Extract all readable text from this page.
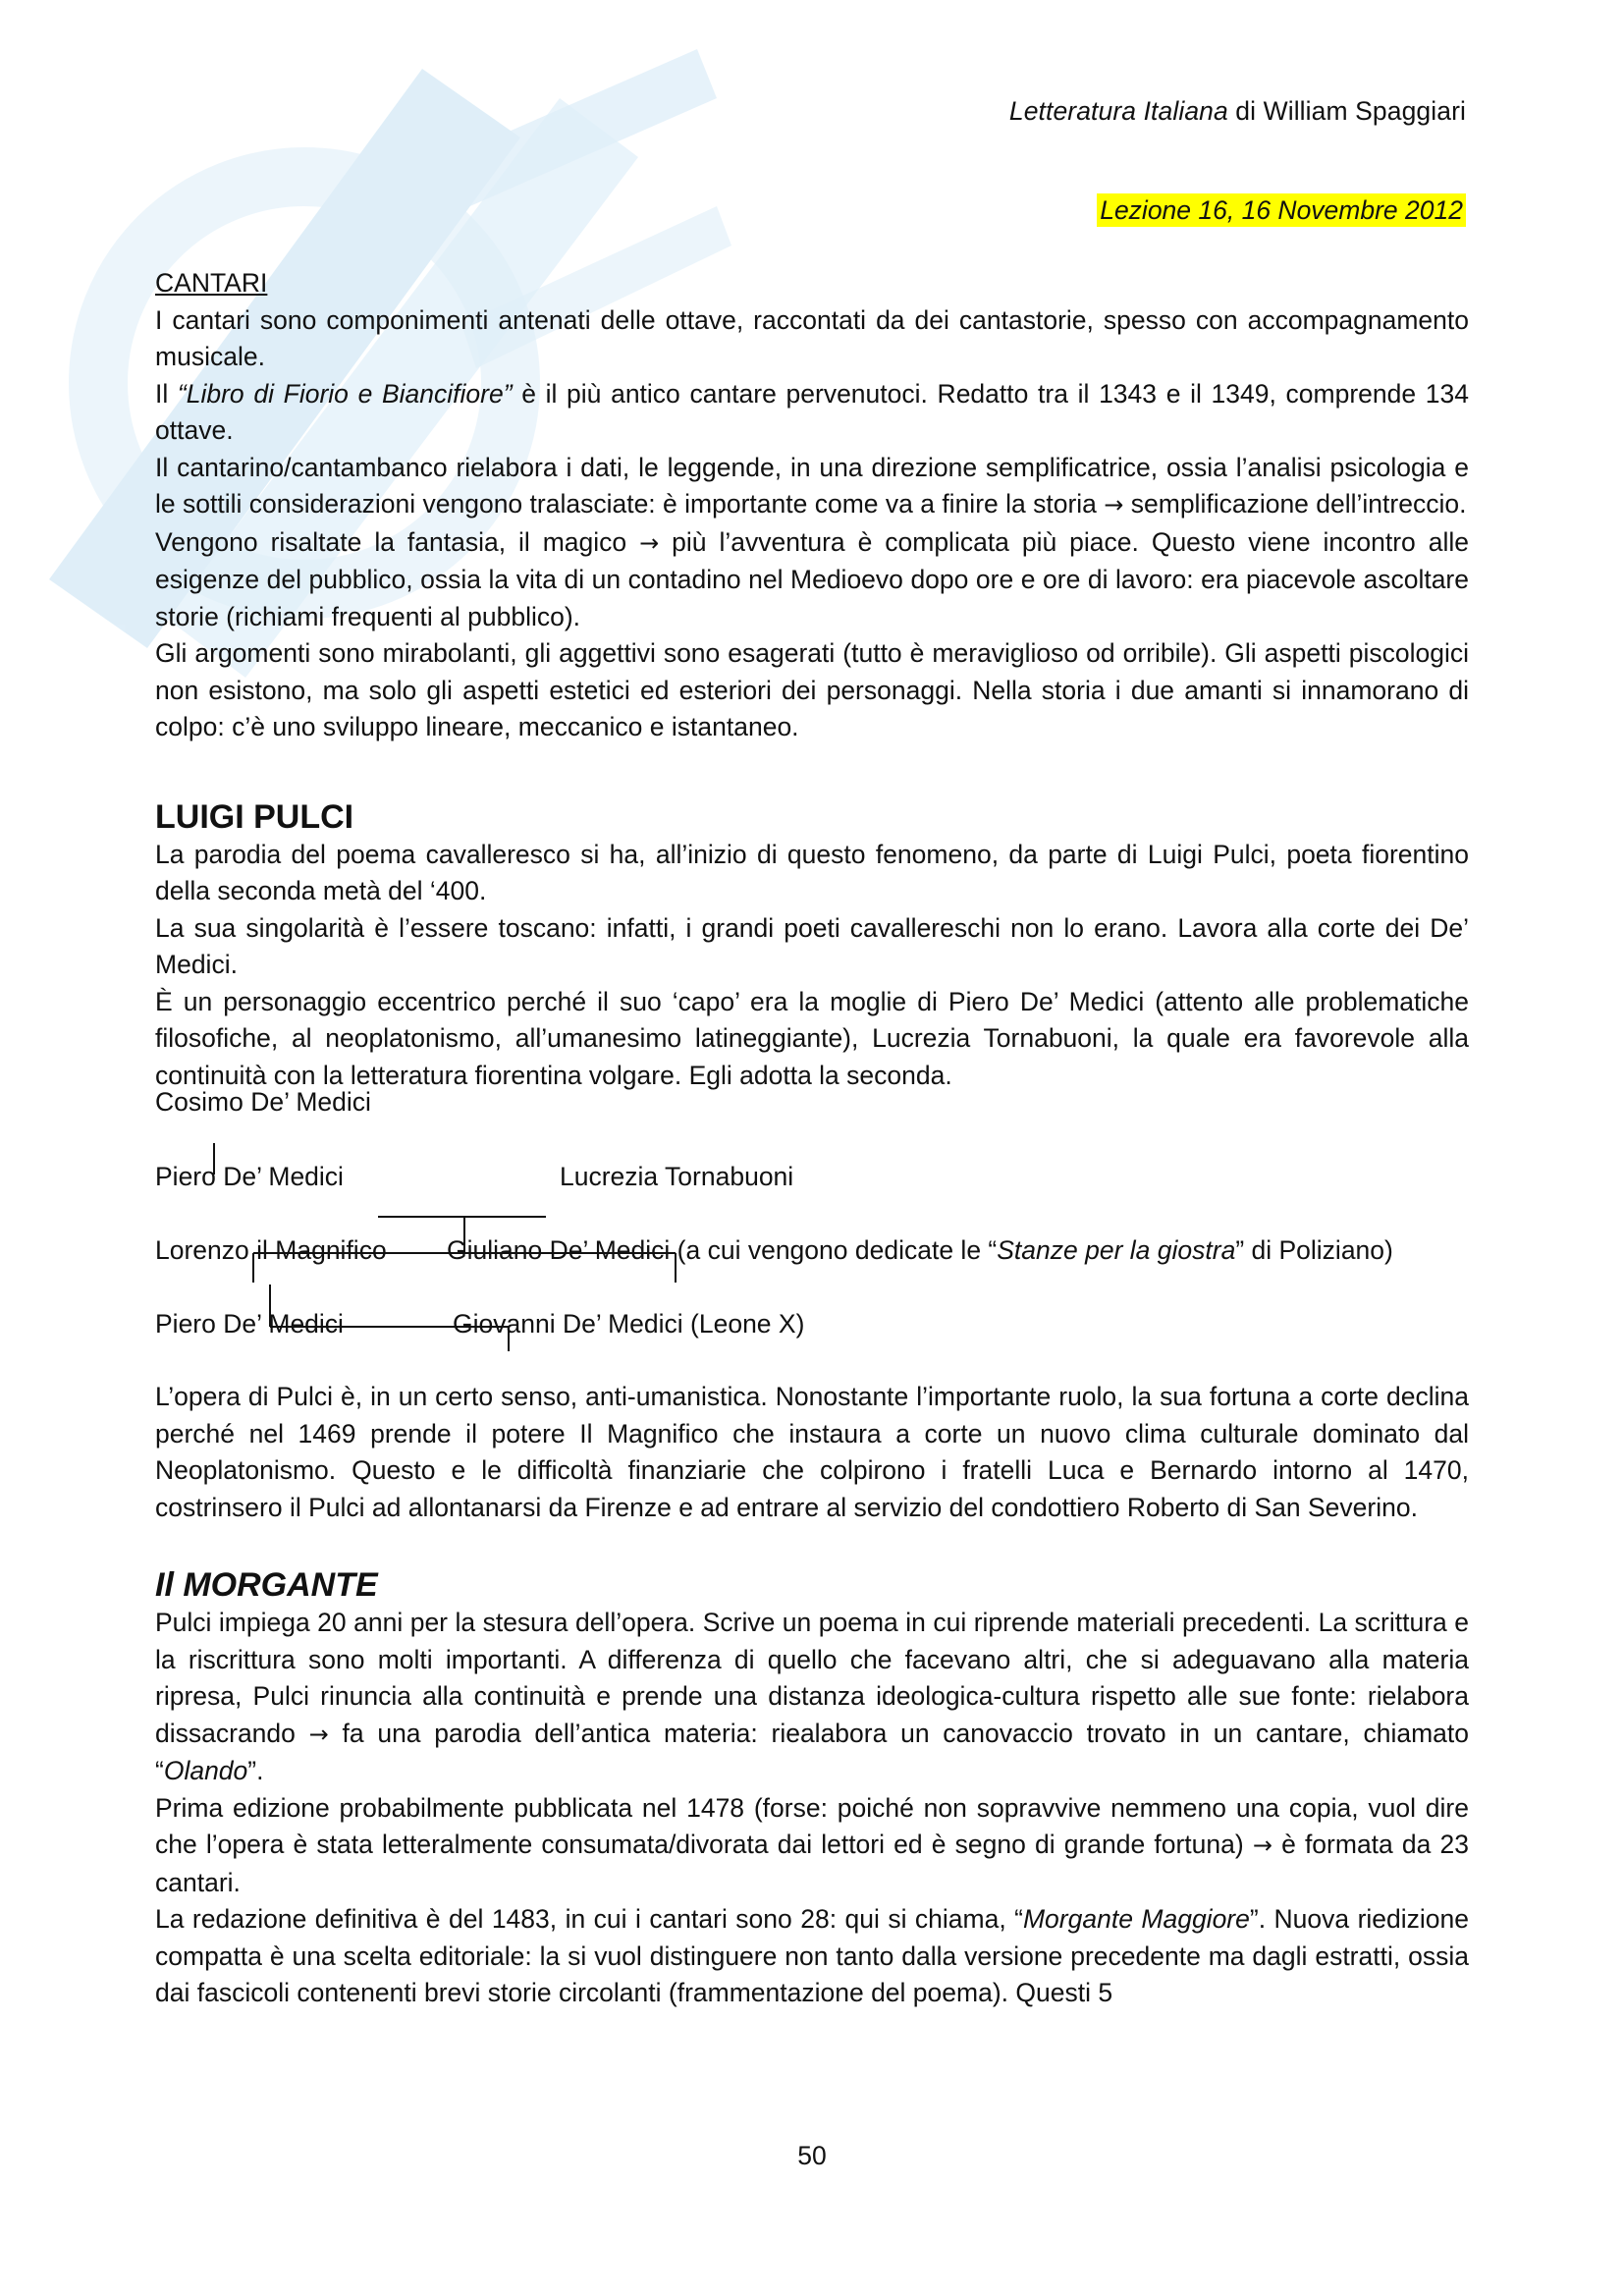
Letteratura Italiana di William Spaggiari
Lezione 16, 16 Novembre 2012

CANTARI

I cantari sono componimenti antenati delle ottave, raccontati da dei cantastorie, spesso con accompagnamento musicale.

Il “Libro di Fiorio e Biancifiore” è il più antico cantare pervenutoci. Redatto tra il 1343 e il 1349, comprende 134 ottave.

Il cantarino/cantambanco rielabora i dati, le leggende, in una direzione semplificatrice, ossia l’analisi psicologia e le sottili considerazioni vengono tralasciate: è importante come va a finire la storia → semplificazione dell’intreccio.

Vengono risaltate la fantasia, il magico → più l’avventura è complicata più piace. Questo viene incontro alle esigenze del pubblico, ossia la vita di un contadino nel Medioevo dopo ore e ore di lavoro: era piacevole ascoltare storie (richiami frequenti al pubblico).

Gli argomenti sono mirabolanti, gli aggettivi sono esagerati (tutto è meraviglioso od orribile). Gli aspetti piscologici non esistono, ma solo gli aspetti estetici ed esteriori dei personaggi. Nella storia i due amanti si innamorano di colpo: c’è uno sviluppo lineare, meccanico e istantaneo.

LUIGI PULCI

La parodia del poema cavalleresco si ha, all’inizio di questo fenomeno, da parte di Luigi Pulci, poeta fiorentino della seconda metà del ‘400.

La sua singolarità è l’essere toscano: infatti, i grandi poeti cavallereschi non lo erano. Lavora alla corte dei De’ Medici.

È un personaggio eccentrico perché il suo ‘capo’ era la moglie di Piero De’ Medici (attento alle problematiche filosofiche, al neoplatonismo, all’umanesimo latineggiante), Lucrezia Tornabuoni, la quale era favorevole alla continuità con la letteratura fiorentina volgare. Egli adotta la seconda.

Cosimo De’ Medici
Piero De’ Medici	Lucrezia Tornabuoni
Lorenzo il Magnifico Giuliano De’ Medici (a cui vengono dedicate le “Stanze per la giostra” di Poliziano)
Piero De’ Medici	Giovanni De’ Medici (Leone X)

L’opera di Pulci è, in un certo senso, anti-umanistica. Nonostante l’importante ruolo, la sua fortuna a corte declina perché nel 1469 prende il potere Il Magnifico che instaura a corte un nuovo clima culturale dominato dal Neoplatonismo. Questo e le difficoltà finanziarie che colpirono i fratelli Luca e Bernardo intorno al 1470, costrinsero il Pulci ad allontanarsi da Firenze e ad entrare al servizio del condottiero Roberto di San Severino.

Il MORGANTE

Pulci impiega 20 anni per la stesura dell’opera. Scrive un poema in cui riprende materiali precedenti. La scrittura e la riscrittura sono molti importanti. A differenza di quello che facevano altri, che si adeguavano alla materia ripresa, Pulci rinuncia alla continuità e prende una distanza ideologica-cultura rispetto alle sue fonte: rielabora dissacrando → fa una parodia dell’antica materia: riealabora un canovaccio trovato in un cantare, chiamato “Olando”.

Prima edizione probabilmente pubblicata nel 1478 (forse: poiché non sopravvive nemmeno una copia, vuol dire che l’opera è stata letteralmente consumata/divorata dai lettori ed è segno di grande fortuna) → è formata da 23 cantari.

La redazione definitiva è del 1483, in cui i cantari sono 28: qui si chiama, “Morgante Maggiore”. Nuova riedizione compatta è una scelta editoriale: la si vuol distinguere non tanto dalla versione precedente ma dagli estratti, ossia dai fascicoli contenenti brevi storie circolanti (frammentazione del poema). Questi 5

50
